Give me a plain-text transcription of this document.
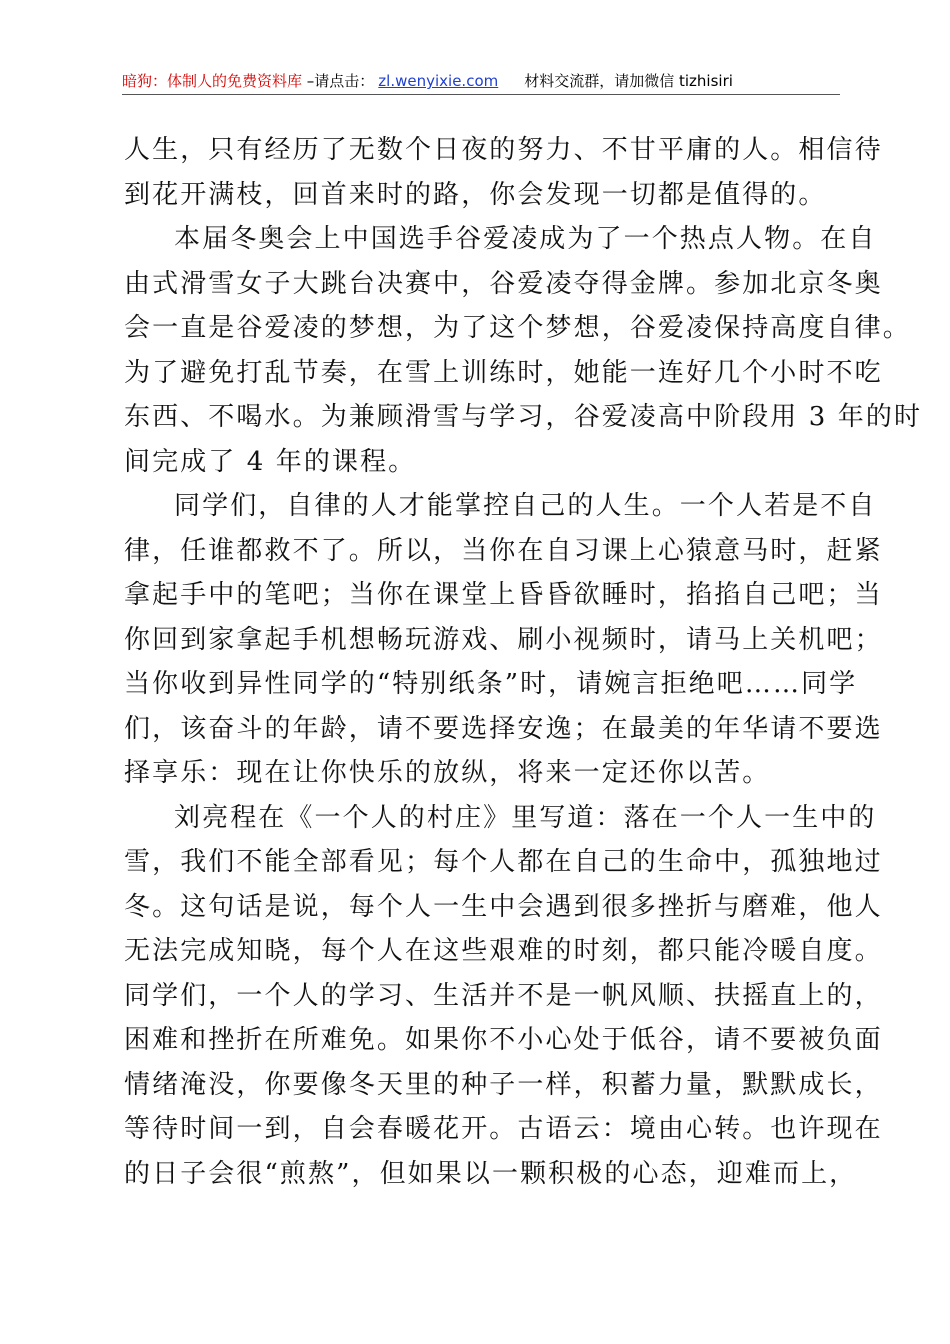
暗狗：体制人的免费资料库 –请点击： zl.wenyixie.com 材料交流群，请加微信 tizhisiri
人生，只有经历了无数个日夜的努力、不甘平庸的人。相信待
到花开满枝，回首来时的路，你会发现一切都是值得的。
本届冬奥会上中国选手谷爱凌成为了一个热点人物。在自
由式滑雪女子大跳台决赛中，谷爱凌夺得金牌。参加北京冬奥
会一直是谷爱凌的梦想，为了这个梦想，谷爱凌保持高度自律。
为了避免打乱节奏，在雪上训练时，她能一连好几个小时不吃
东西、不喝水。为兼顾滑雪与学习，谷爱凌高中阶段用 3 年的时
间完成了 4 年的课程。
同学们，自律的人才能掌控自己的人生。一个人若是不自
律，任谁都救不了。所以，当你在自习课上心猿意马时，赶紧
拿起手中的笔吧；当你在课堂上昏昏欲睡时，掐掐自己吧；当
你回到家拿起手机想畅玩游戏、刷小视频时，请马上关机吧；
当你收到异性同学的“特别纸条”时，请婉言拒绝吧……同学
们，该奋斗的年龄，请不要选择安逸；在最美的年华请不要选
择享乐：现在让你快乐的放纵，将来一定还你以苦。
刘亮程在《一个人的村庄》里写道：落在一个人一生中的
雪，我们不能全部看见；每个人都在自己的生命中，孤独地过
冬。这句话是说，每个人一生中会遇到很多挫折与磨难，他人
无法完成知晓，每个人在这些艰难的时刻，都只能冷暖自度。
同学们，一个人的学习、生活并不是一帆风顺、扶摇直上的，
困难和挫折在所难免。如果你不小心处于低谷，请不要被负面
情绪淹没，你要像冬天里的种子一样，积蓄力量，默默成长，
等待时间一到，自会春暖花开。古语云：境由心转。也许现在
的日子会很“煎熬”，但如果以一颗积极的心态，迎难而上，
